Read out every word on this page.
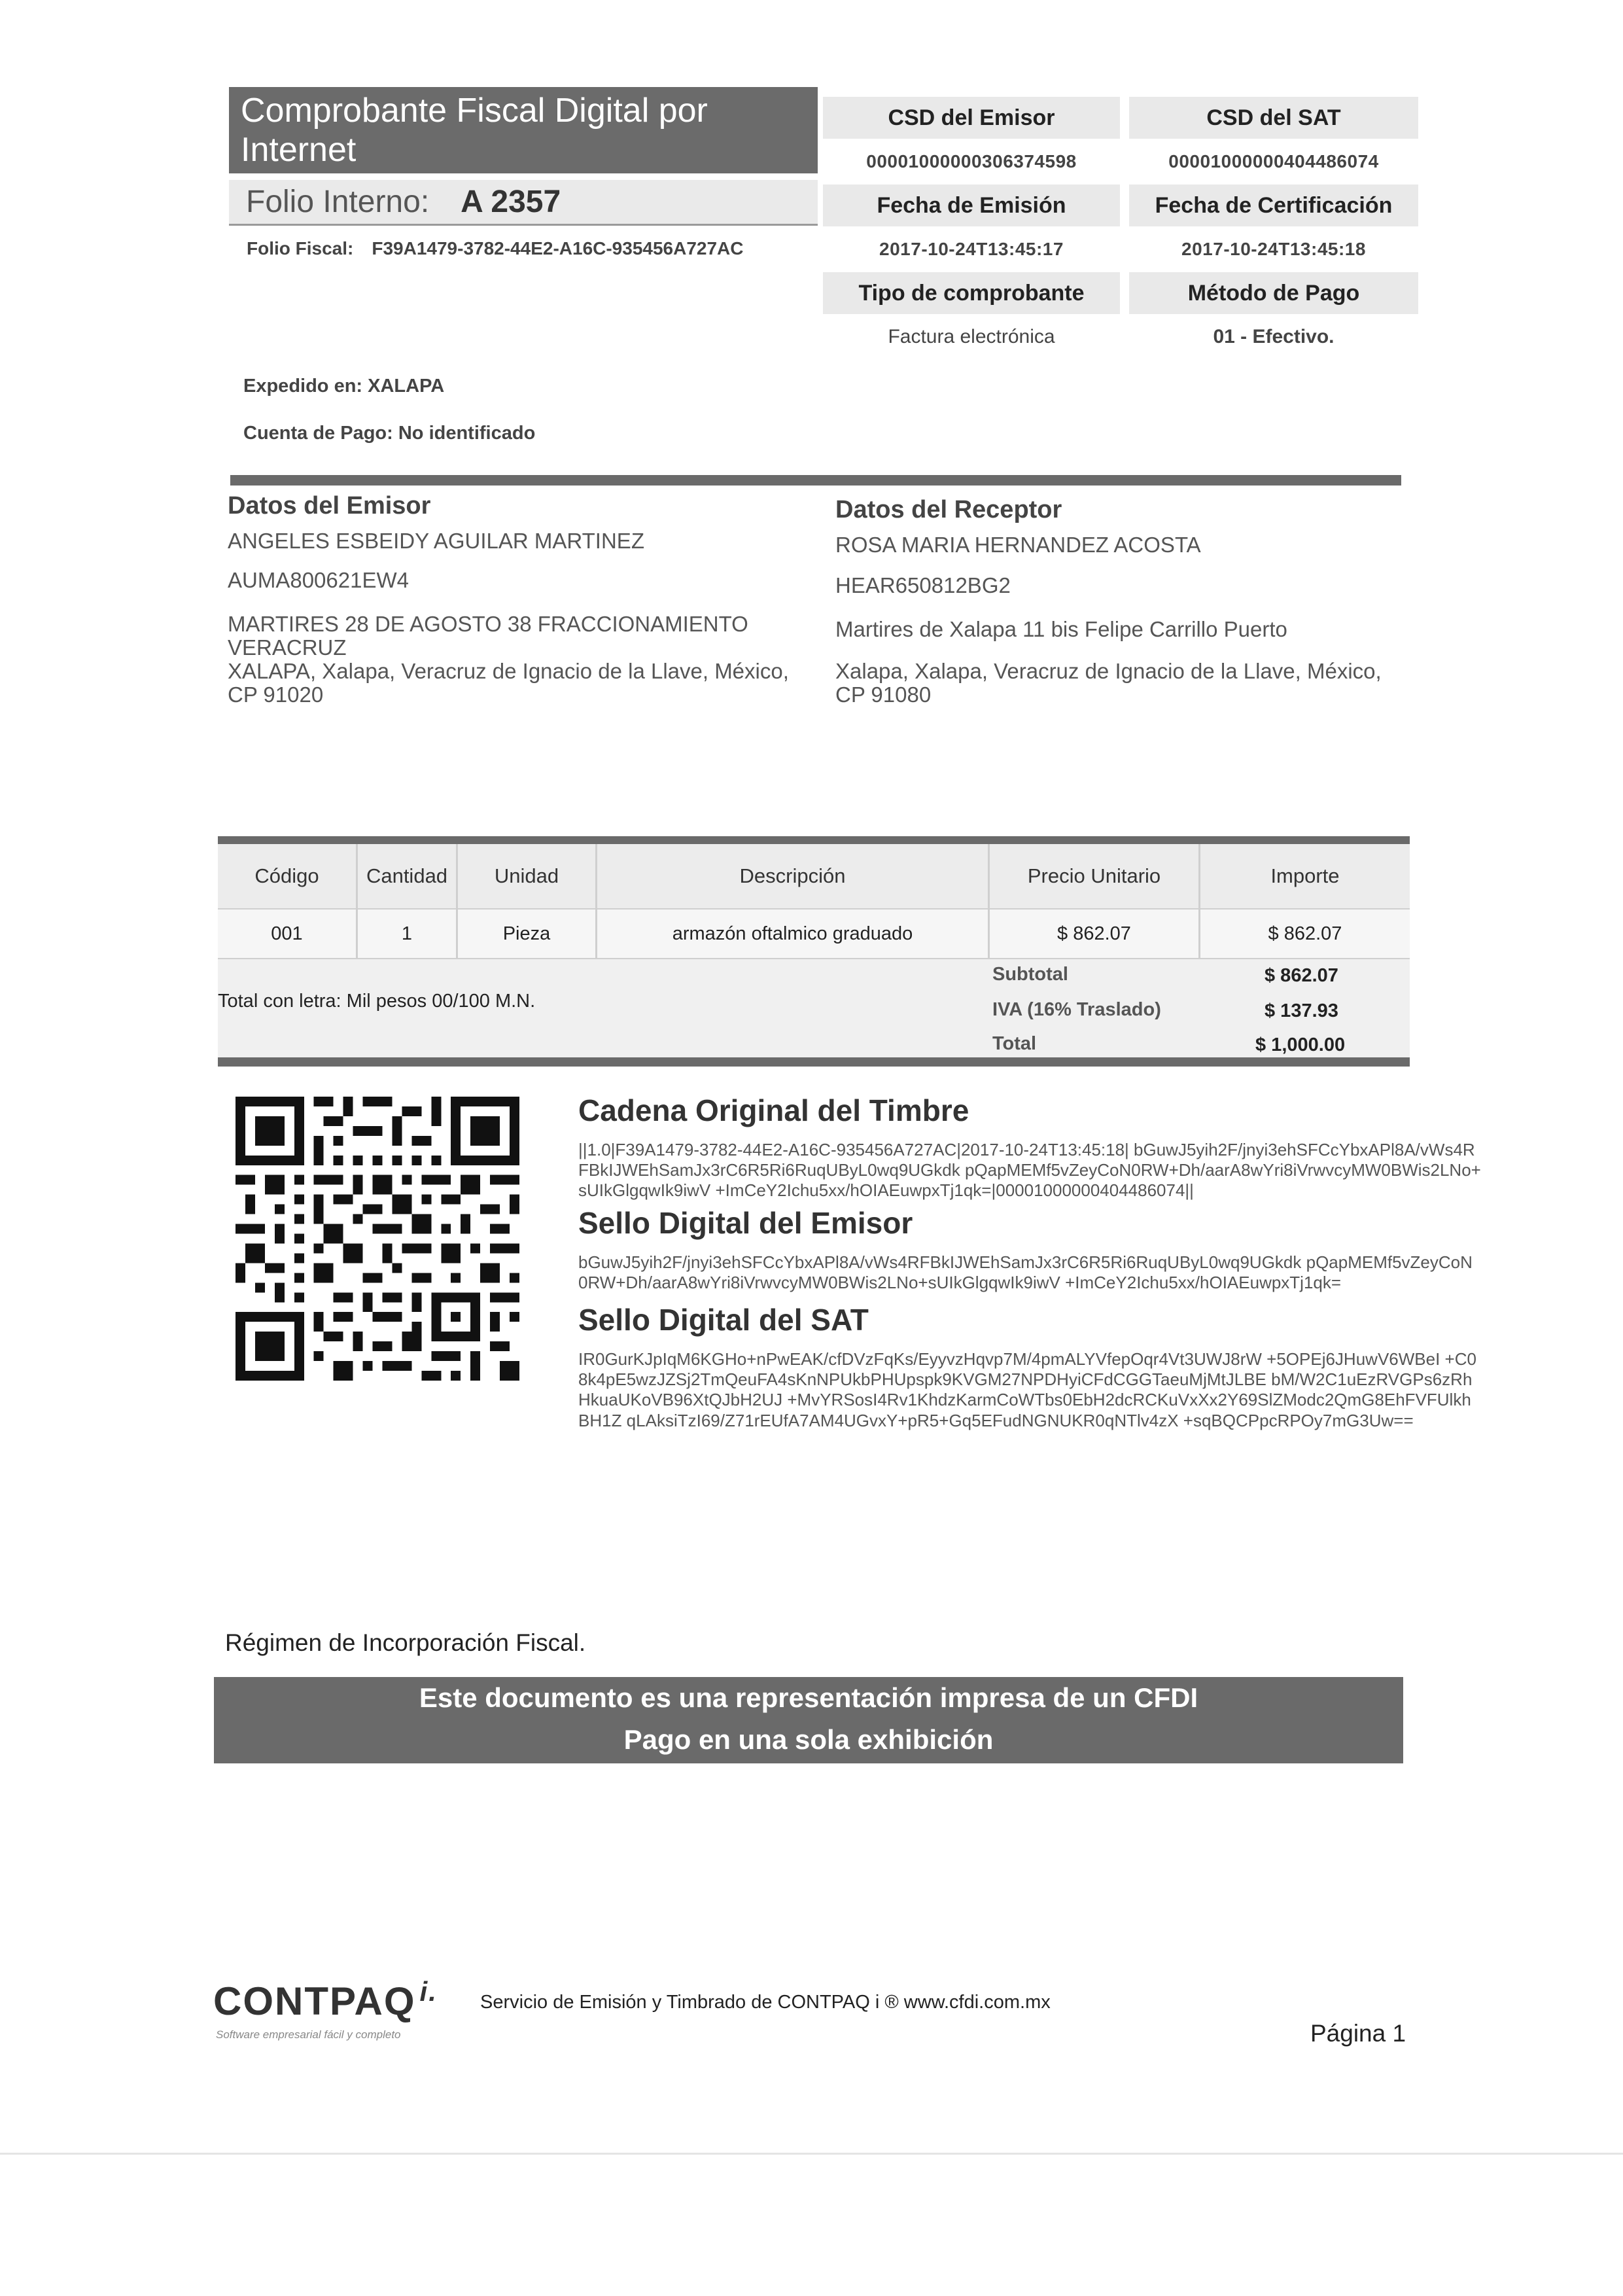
Comprobante Fiscal Digital por Internet
Folio Interno: A 2357
Folio Fiscal: F39A1479-3782-44E2-A16C-935456A727AC
CSD del Emisor	CSD del SAT
00001000000306374598	00001000000404486074
Fecha de Emisión	Fecha de Certificación
2017-10-24T13:45:17	2017-10-24T13:45:18
Tipo de comprobante	Método de Pago
Factura electrónica	01 - Efectivo.
Expedido en: XALAPA
Cuenta de Pago: No identificado
Datos del Emisor
ANGELES ESBEIDY AGUILAR MARTINEZ
AUMA800621EW4
MARTIRES 28 DE AGOSTO 38 FRACCIONAMIENTO
VERACRUZ
XALAPA, Xalapa, Veracruz de Ignacio de la Llave, México,
CP 91020
Datos del Receptor
ROSA MARIA HERNANDEZ ACOSTA
HEAR650812BG2
Martires de Xalapa 11 bis Felipe Carrillo Puerto
Xalapa, Xalapa, Veracruz de Ignacio de la Llave, México,
CP 91080
Código	Cantidad	Unidad	Descripción	Precio Unitario	Importe
001	1	Pieza	armazón oftalmico graduado	$ 862.07	$ 862.07
Total con letra: Mil pesos 00/100 M.N.
Subtotal	$ 862.07
IVA (16% Traslado)	$ 137.93
Total	$ 1,000.00
Cadena Original del Timbre
||1.0|F39A1479-3782-44E2-A16C-935456A727AC|2017-10-24T13:45:18| bGuwJ5yih2F/jnyi3ehSFCcYbxAPl8A/vWs4RFBkIJWEhSamJx3rC6R5Ri6RuqUByL0wq9UGkdk pQapMEMf5vZeyCoN0RW+Dh/aarA8wYri8iVrwvcyMW0BWis2LNo+sUIkGlgqwIk9iwV +ImCeY2Ichu5xx/hOIAEuwpxTj1qk=|00001000000404486074||
Sello Digital del Emisor
bGuwJ5yih2F/jnyi3ehSFCcYbxAPl8A/vWs4RFBkIJWEhSamJx3rC6R5Ri6RuqUByL0wq9UGkdk pQapMEMf5vZeyCoN0RW+Dh/aarA8wYri8iVrwvcyMW0BWis2LNo+sUIkGlgqwIk9iwV +ImCeY2Ichu5xx/hOIAEuwpxTj1qk=
Sello Digital del SAT
IR0GurKJpIqM6KGHo+nPwEAK/cfDVzFqKs/EyyvzHqvp7M/4pmALYVfepOqr4Vt3UWJ8rW +5OPEj6JHuwV6WBeI +C08k4pE5wzJZSj2TmQeuFA4sKnNPUkbPHUpspk9KVGM27NPDHyiCFdCGGTaeuMjMtJLBE bM/W2C1uEzRVGPs6zRhHkuaUKoVB96XtQJbH2UJ +MvYRSosI4Rv1KhdzKarmCoWTbs0EbH2dcRCKuVxXx2Y69SlZModc2QmG8EhFVFUlkhBH1Z qLAksiTzI69/Z71rEUfA7AM4UGvxY+pR5+Gq5EFudNGNUKR0qNTlv4zX +sqBQCPpcRPOy7mG3Uw==
Régimen de Incorporación Fiscal.
Este documento es una representación impresa de un CFDI
Pago en una sola exhibición
CONTPAQ $^{i.}$
Software empresarial fácil y completo
Servicio de Emisión y Timbrado de CONTPAQ i ® www.cfdi.com.mx
Página 1
